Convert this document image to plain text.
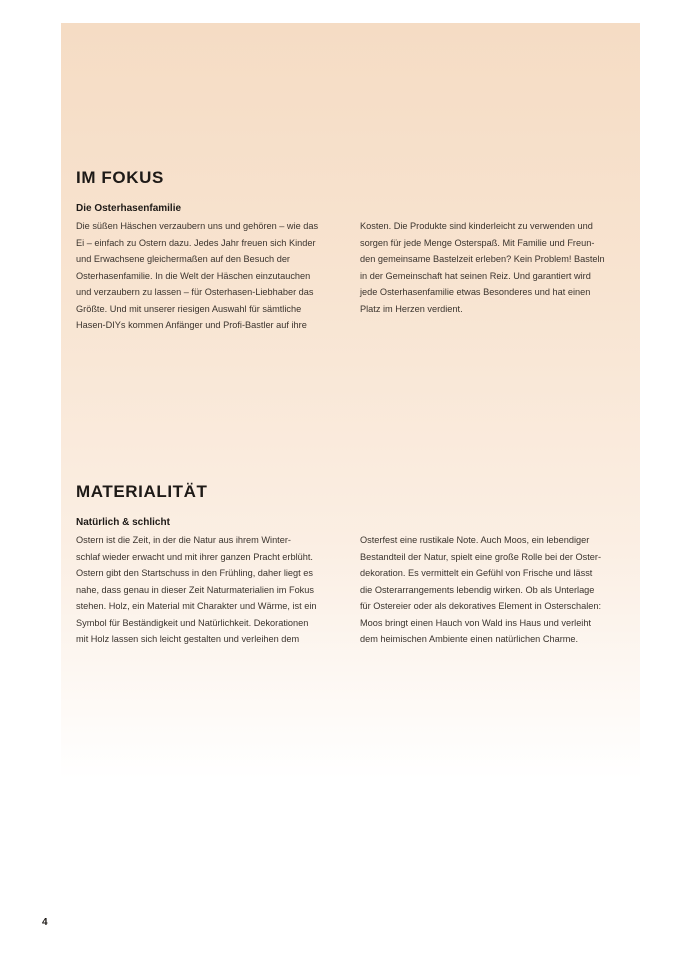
IM FOKUS
Die Osterhasenfamilie
Die süßen Häschen verzaubern uns und gehören – wie das
Ei – einfach zu Ostern dazu. Jedes Jahr freuen sich Kinder
und Erwachsene gleichermaßen auf den Besuch der
Osterhasenfamilie. In die Welt der Häschen einzutauchen
und verzaubern zu lassen – für Osterhasen-Liebhaber das
Größte. Und mit unserer riesigen Auswahl für sämtliche
Hasen-DIYs kommen Anfänger und Profi-Bastler auf ihre
Kosten. Die Produkte sind kinderleicht zu verwenden und
sorgen für jede Menge Osterspaß. Mit Familie und Freun-
den gemeinsame Bastelzeit erleben? Kein Problem! Basteln
in der Gemeinschaft hat seinen Reiz. Und garantiert wird
jede Osterhasenfamilie etwas Besonderes und hat einen
Platz im Herzen verdient.
MATERIALITÄT
Natürlich & schlicht
Ostern ist die Zeit, in der die Natur aus ihrem Winter-
schlaf wieder erwacht und mit ihrer ganzen Pracht erblüht.
Ostern gibt den Startschuss in den Frühling, daher liegt es
nahe, dass genau in dieser Zeit Naturmaterialien im Fokus
stehen. Holz, ein Material mit Charakter und Wärme, ist ein
Symbol für Beständigkeit und Natürlichkeit. Dekorationen
mit Holz lassen sich leicht gestalten und verleihen dem
Osterfest eine rustikale Note. Auch Moos, ein lebendiger
Bestandteil der Natur, spielt eine große Rolle bei der Oster-
dekoration. Es vermittelt ein Gefühl von Frische und lässt
die Osterarrangements lebendig wirken. Ob als Unterlage
für Ostereier oder als dekoratives Element in Osterschalen:
Moos bringt einen Hauch von Wald ins Haus und verleiht
dem heimischen Ambiente einen natürlichen Charme.
4
